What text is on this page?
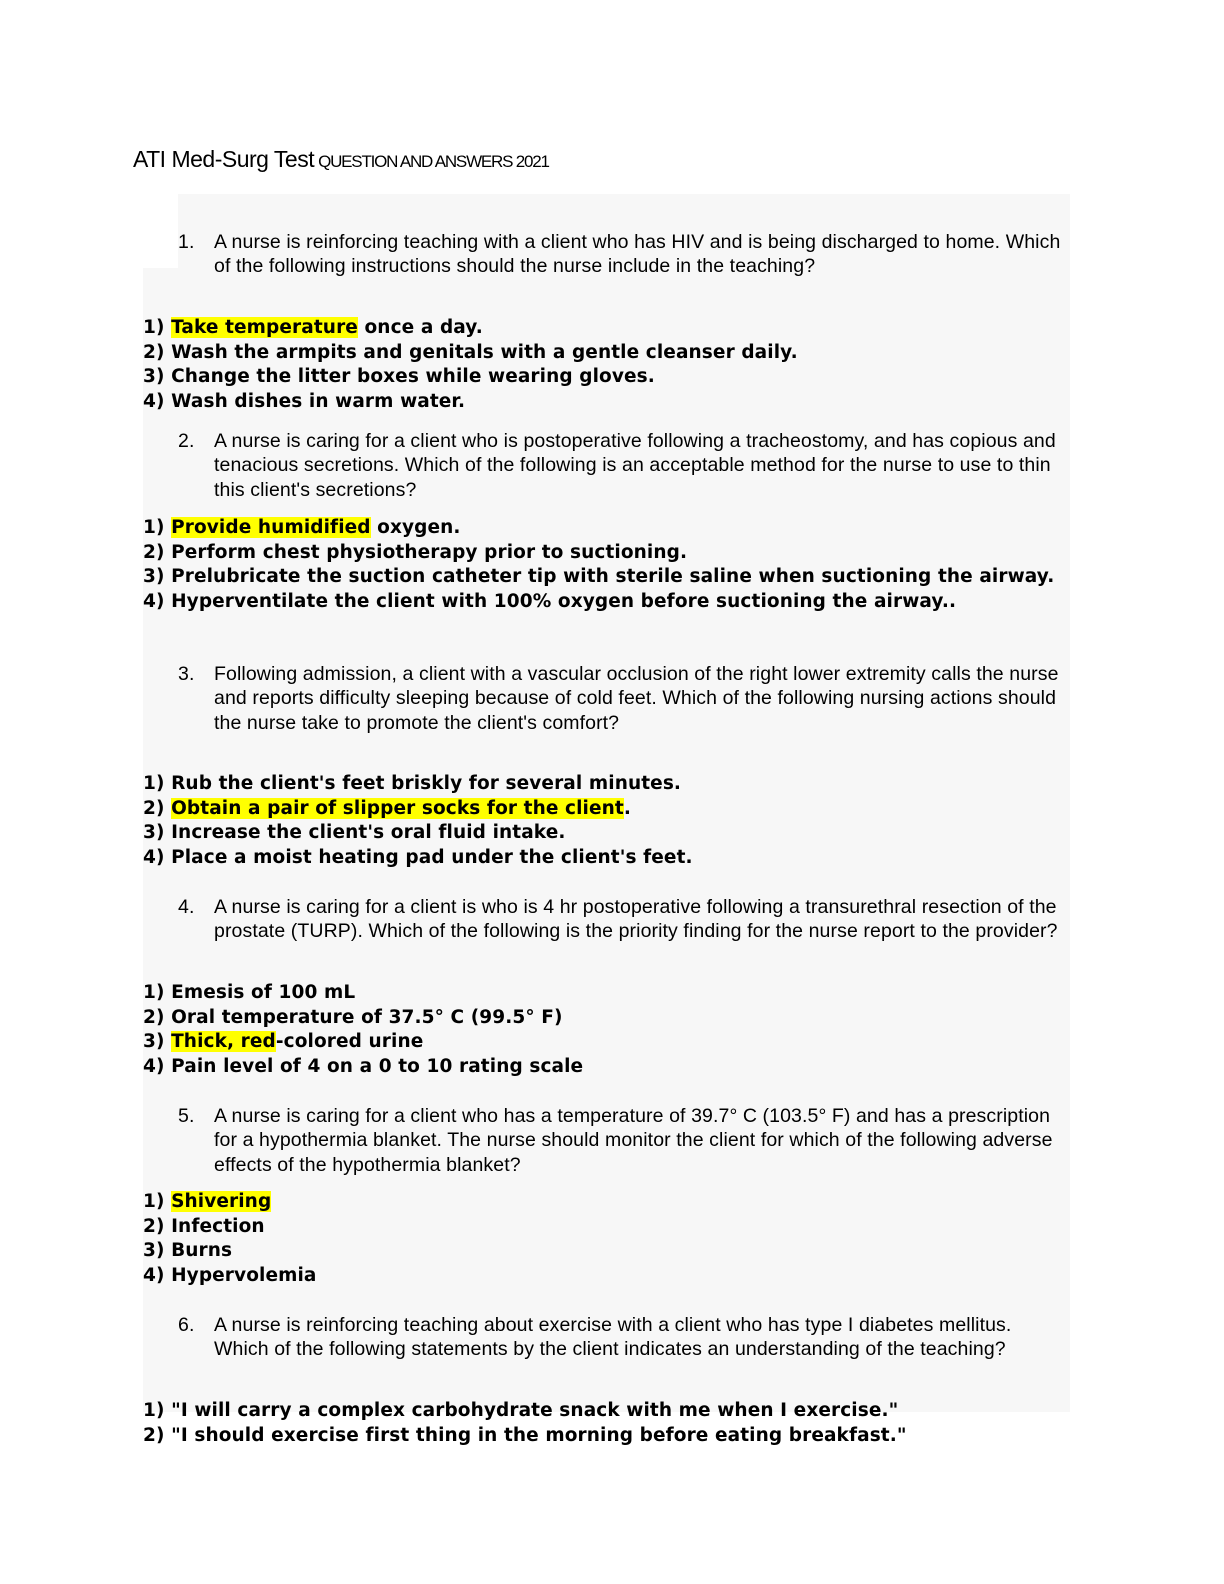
ATI Med-Surg Test QUESTION AND ANSWERS 2021
1.	A nurse is reinforcing teaching with a client who has HIV and is being discharged to home. Which of the following instructions should the nurse include in the teaching?
1) Take temperature once a day.
2) Wash the armpits and genitals with a gentle cleanser daily.
3) Change the litter boxes while wearing gloves.
4) Wash dishes in warm water.
2.	A nurse is caring for a client who is postoperative following a tracheostomy, and has copious and tenacious secretions. Which of the following is an acceptable method for the nurse to use to thin this client's secretions?
1) Provide humidified oxygen.
2) Perform chest physiotherapy prior to suctioning.
3) Prelubricate the suction catheter tip with sterile saline when suctioning the airway.
4) Hyperventilate the client with 100% oxygen before suctioning the airway..
3.	Following admission, a client with a vascular occlusion of the right lower extremity calls the nurse and reports difficulty sleeping because of cold feet. Which of the following nursing actions should the nurse take to promote the client's comfort?
1) Rub the client's feet briskly for several minutes.
2) Obtain a pair of slipper socks for the client.
3) Increase the client's oral fluid intake.
4) Place a moist heating pad under the client's feet.
4.	A nurse is caring for a client is who is 4 hr postoperative following a transurethral resection of the prostate (TURP). Which of the following is the priority finding for the nurse report to the provider?
1) Emesis of 100 mL
2) Oral temperature of 37.5° C (99.5° F)
3) Thick, red-colored urine
4) Pain level of 4 on a 0 to 10 rating scale
5.	A nurse is caring for a client who has a temperature of 39.7° C (103.5° F) and has a prescription for a hypothermia blanket. The nurse should monitor the client for which of the following adverse effects of the hypothermia blanket?
1) Shivering
2) Infection
3) Burns
4) Hypervolemia
6.	A nurse is reinforcing teaching about exercise with a client who has type I diabetes mellitus. Which of the following statements by the client indicates an understanding of the teaching?
1) "I will carry a complex carbohydrate snack with me when I exercise."
2) "I should exercise first thing in the morning before eating breakfast."
